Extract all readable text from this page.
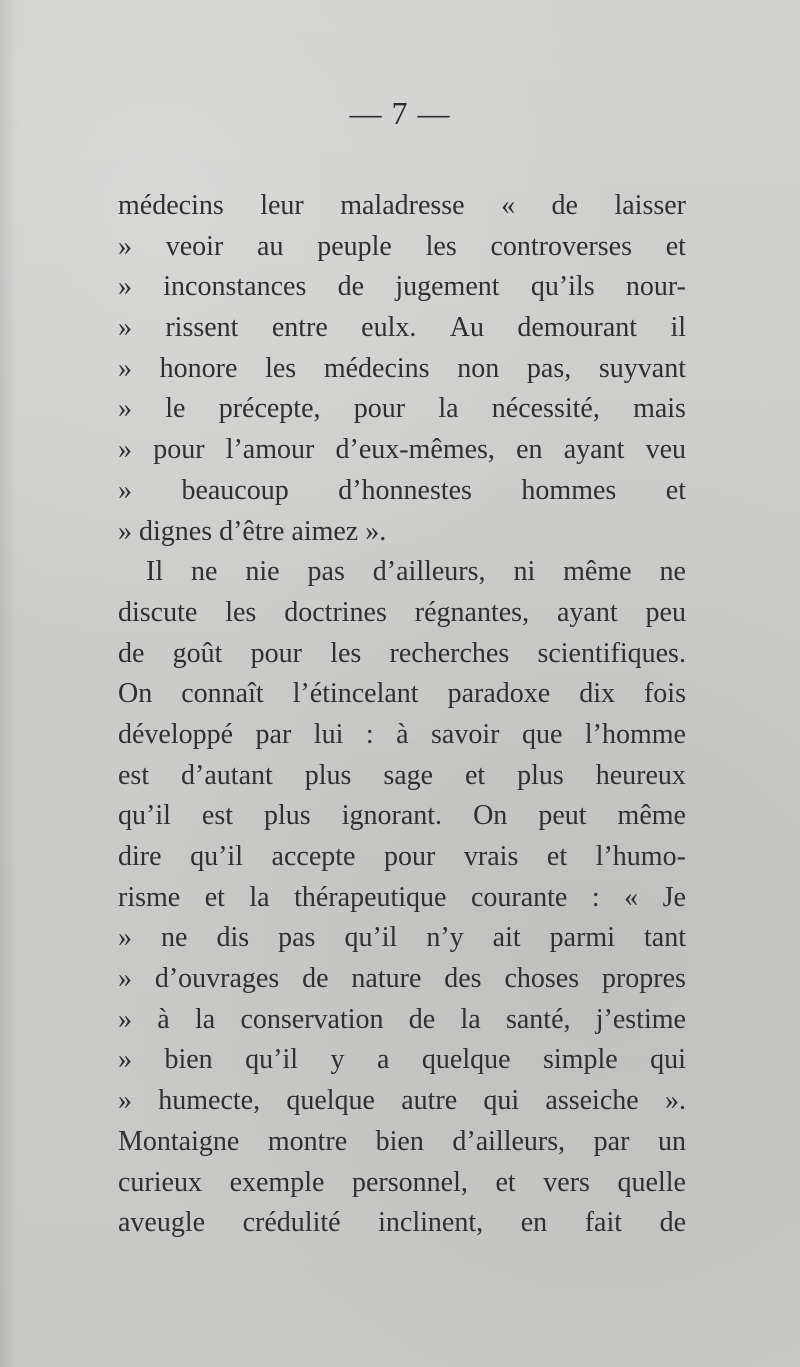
— 7 —
médecins leur maladresse « de laisser
» veoir au peuple les controverses et
» inconstances de jugement qu’ils nour-
» rissent entre eulx. Au demourant il
» honore les médecins non pas, suyvant
» le précepte, pour la nécessité, mais
» pour l’amour d’eux-mêmes, en ayant veu
» beaucoup d’honnestes hommes et
» dignes d’être aimez ».
Il ne nie pas d’ailleurs, ni même ne
discute les doctrines régnantes, ayant peu
de goût pour les recherches scientifiques.
On connaît l’étincelant paradoxe dix fois
développé par lui : à savoir que l’homme
est d’autant plus sage et plus heureux
qu’il est plus ignorant. On peut même
dire qu’il accepte pour vrais et l’humo-
risme et la thérapeutique courante : « Je
» ne dis pas qu’il n’y ait parmi tant
» d’ouvrages de nature des choses propres
» à la conservation de la santé, j’estime
» bien qu’il y a quelque simple qui
» humecte, quelque autre qui asseiche ».
Montaigne montre bien d’ailleurs, par un
curieux exemple personnel, et vers quelle
aveugle crédulité inclinent, en fait de
